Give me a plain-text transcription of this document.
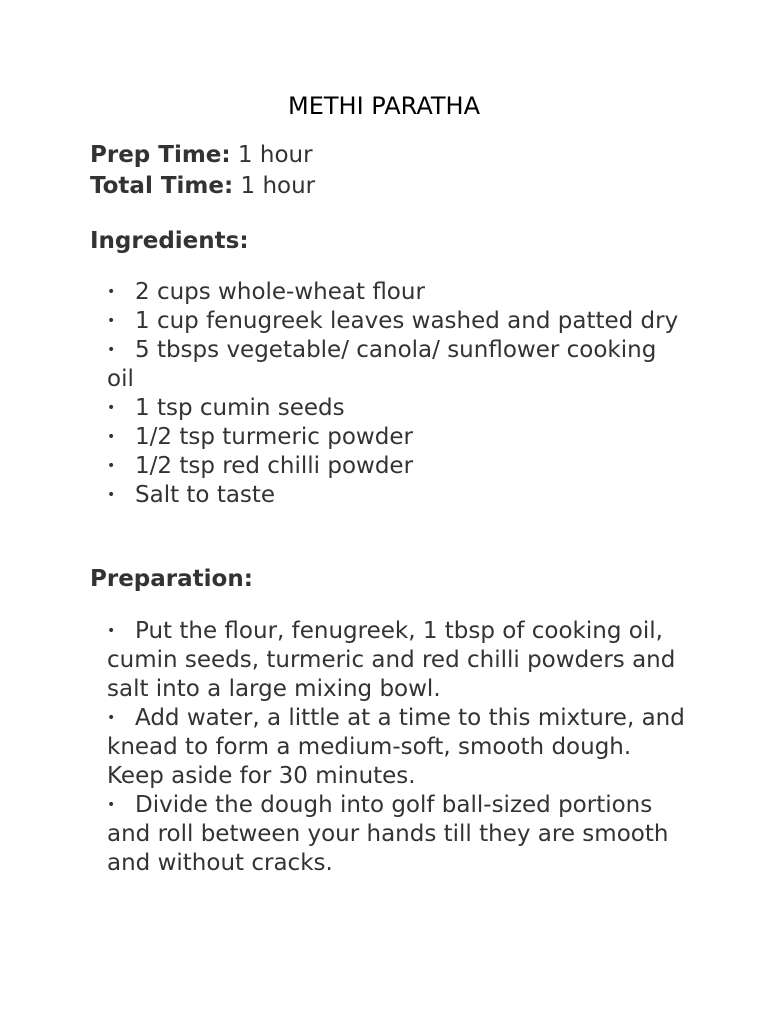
METHI PARATHA
Prep Time: 1 hour
Total Time: 1 hour
Ingredients:
• 2 cups whole-wheat flour
• 1 cup fenugreek leaves washed and patted dry
• 5 tbsps vegetable/ canola/ sunflower cooking oil
• 1 tsp cumin seeds
• 1/2 tsp turmeric powder
• 1/2 tsp red chilli powder
• Salt to taste
Preparation:
• Put the flour, fenugreek, 1 tbsp of cooking oil, cumin seeds, turmeric and red chilli powders and salt into a large mixing bowl.
• Add water, a little at a time to this mixture, and knead to form a medium-soft, smooth dough. Keep aside for 30 minutes.
• Divide the dough into golf ball-sized portions and roll between your hands till they are smooth and without cracks.
